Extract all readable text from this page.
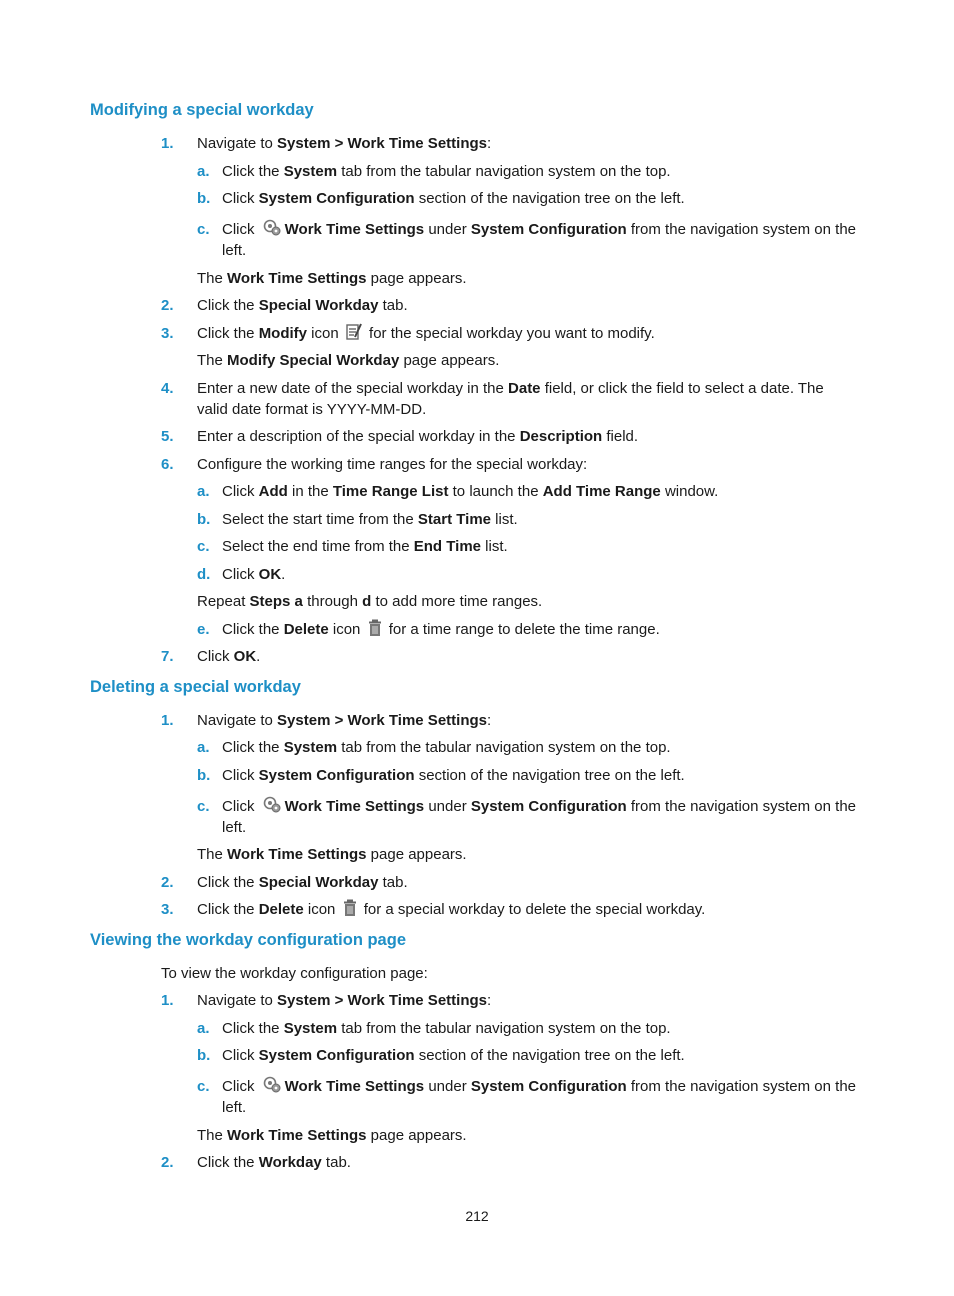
Modifying a special workday
1.	Navigate to System > Work Time Settings:
a. Click the System tab from the tabular navigation system on the top.
b. Click System Configuration section of the navigation tree on the left.
c. Click Work Time Settings under System Configuration from the navigation system on the
left.
The Work Time Settings page appears.
2.	Click the Special Workday tab.
3.	Click the Modify icon  for the special workday you want to modify.
The Modify Special Workday page appears.
4.	Enter a new date of the special workday in the Date field, or click the field to select a date. The
valid date format is YYYY-MM-DD.
5.	Enter a description of the special workday in the Description field.
6.	Configure the working time ranges for the special workday:
a. Click Add in the Time Range List to launch the Add Time Range window.
b. Select the start time from the Start Time list.
c. Select the end time from the End Time list.
d. Click OK.
Repeat Steps a through d to add more time ranges.
e. Click the Delete icon  for a time range to delete the time range.
7.	Click OK.
Deleting a special workday
1.	Navigate to System > Work Time Settings:
a. Click the System tab from the tabular navigation system on the top.
b. Click System Configuration section of the navigation tree on the left.
c. Click Work Time Settings under System Configuration from the navigation system on the
left.
The Work Time Settings page appears.
2.	Click the Special Workday tab.
3.	Click the Delete icon  for a special workday to delete the special workday.
Viewing the workday configuration page
To view the workday configuration page:
1.	Navigate to System > Work Time Settings:
a. Click the System tab from the tabular navigation system on the top.
b. Click System Configuration section of the navigation tree on the left.
c. Click Work Time Settings under System Configuration from the navigation system on the
left.
The Work Time Settings page appears.
2.	Click the Workday tab.
212
